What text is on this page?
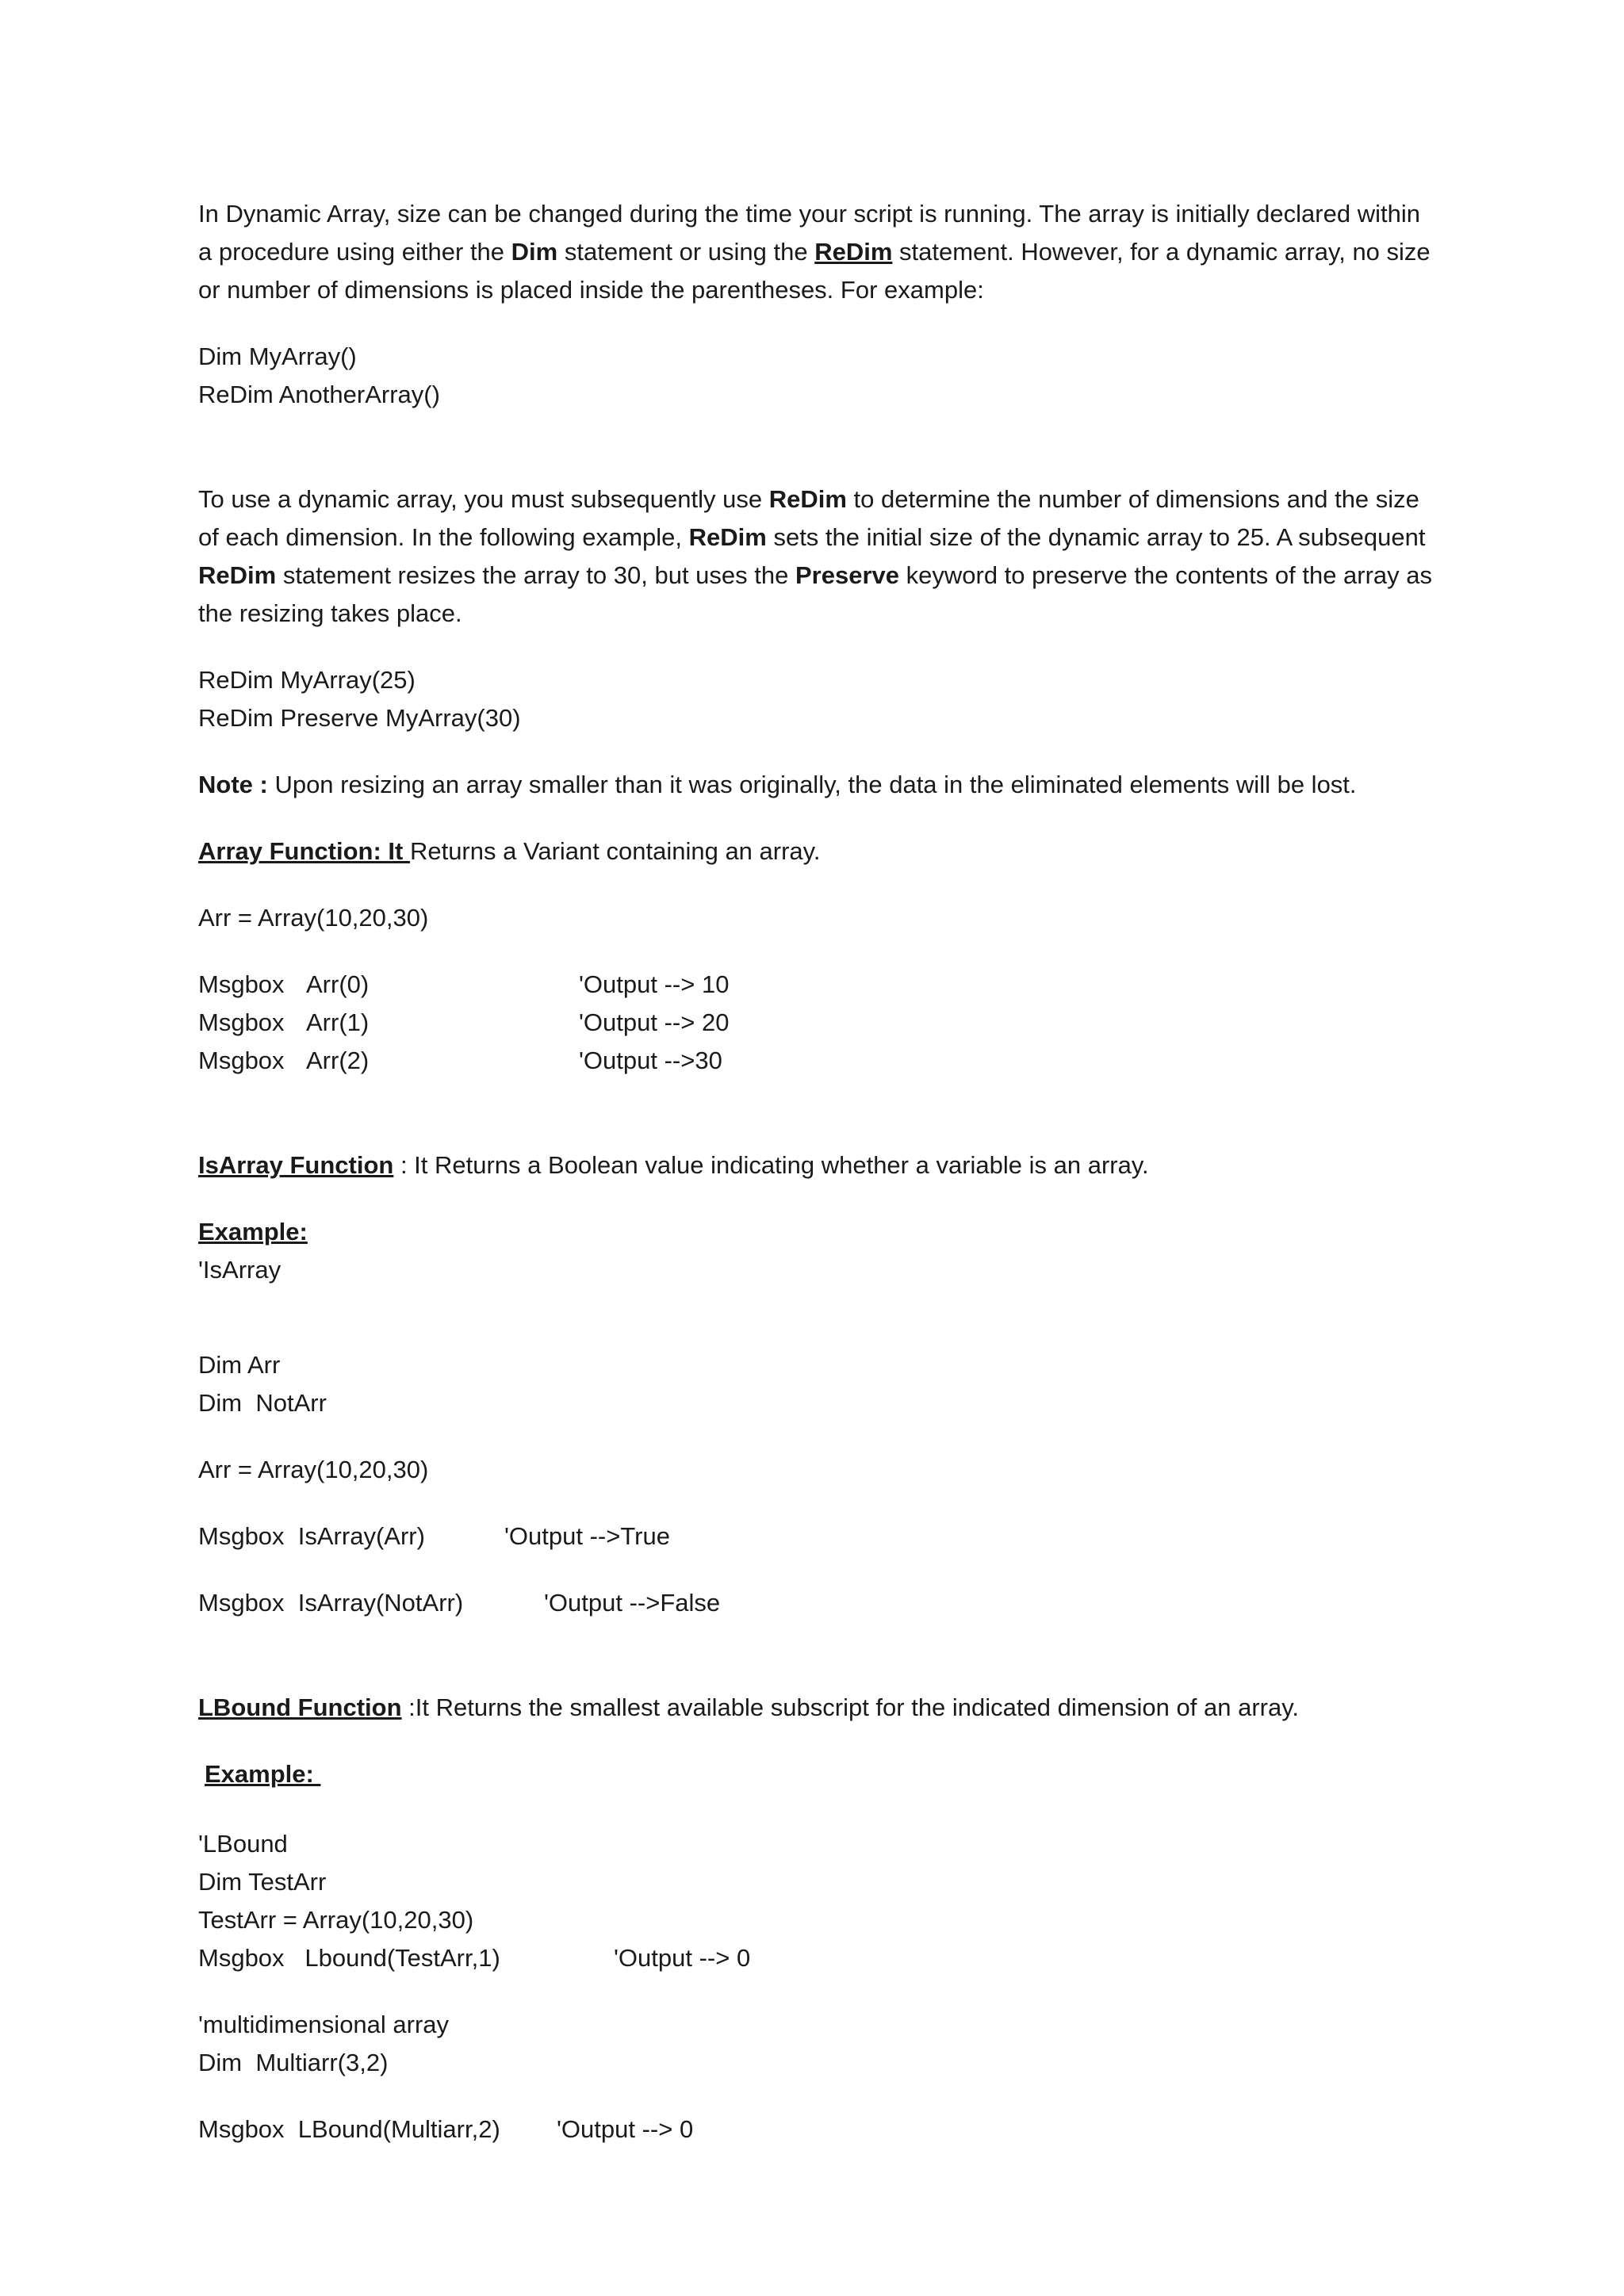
In Dynamic Array, size can be changed during the time your script is running. The array is initially declared within a procedure using either the Dim statement or using the ReDim statement. However, for a dynamic array, no size or number of dimensions is placed inside the parentheses. For example:

Dim MyArray()
ReDim AnotherArray()

To use a dynamic array, you must subsequently use ReDim to determine the number of dimensions and the size of each dimension. In the following example, ReDim sets the initial size of the dynamic array to 25. A subsequent ReDim statement resizes the array to 30, but uses the Preserve keyword to preserve the contents of the array as the resizing takes place.

ReDim MyArray(25)
ReDim Preserve MyArray(30)

Note : Upon resizing an array smaller than it was originally, the data in the eliminated elements will be lost.

Array Function: It Returns a Variant containing an array.

Arr = Array(10,20,30)

Msgbox Arr(0)	'Output --> 10
Msgbox Arr(1)	'Output --> 20
Msgbox Arr(2)	'Output -->30

IsArray Function : It Returns a Boolean value indicating whether a variable is an array.

Example:
'IsArray
Dim Arr
Dim  NotArr

Arr = Array(10,20,30)

Msgbox  IsArray(Arr)	'Output -->True
Msgbox  IsArray(NotArr)	'Output -->False

LBound Function :It Returns the smallest available subscript for the indicated dimension of an array.

Example:

'LBound
Dim TestArr
TestArr = Array(10,20,30)
Msgbox   Lbound(TestArr,1)	'Output --> 0
'multidimensional array
Dim  Multiarr(3,2)
Msgbox  LBound(Multiarr,2)	'Output --> 0
